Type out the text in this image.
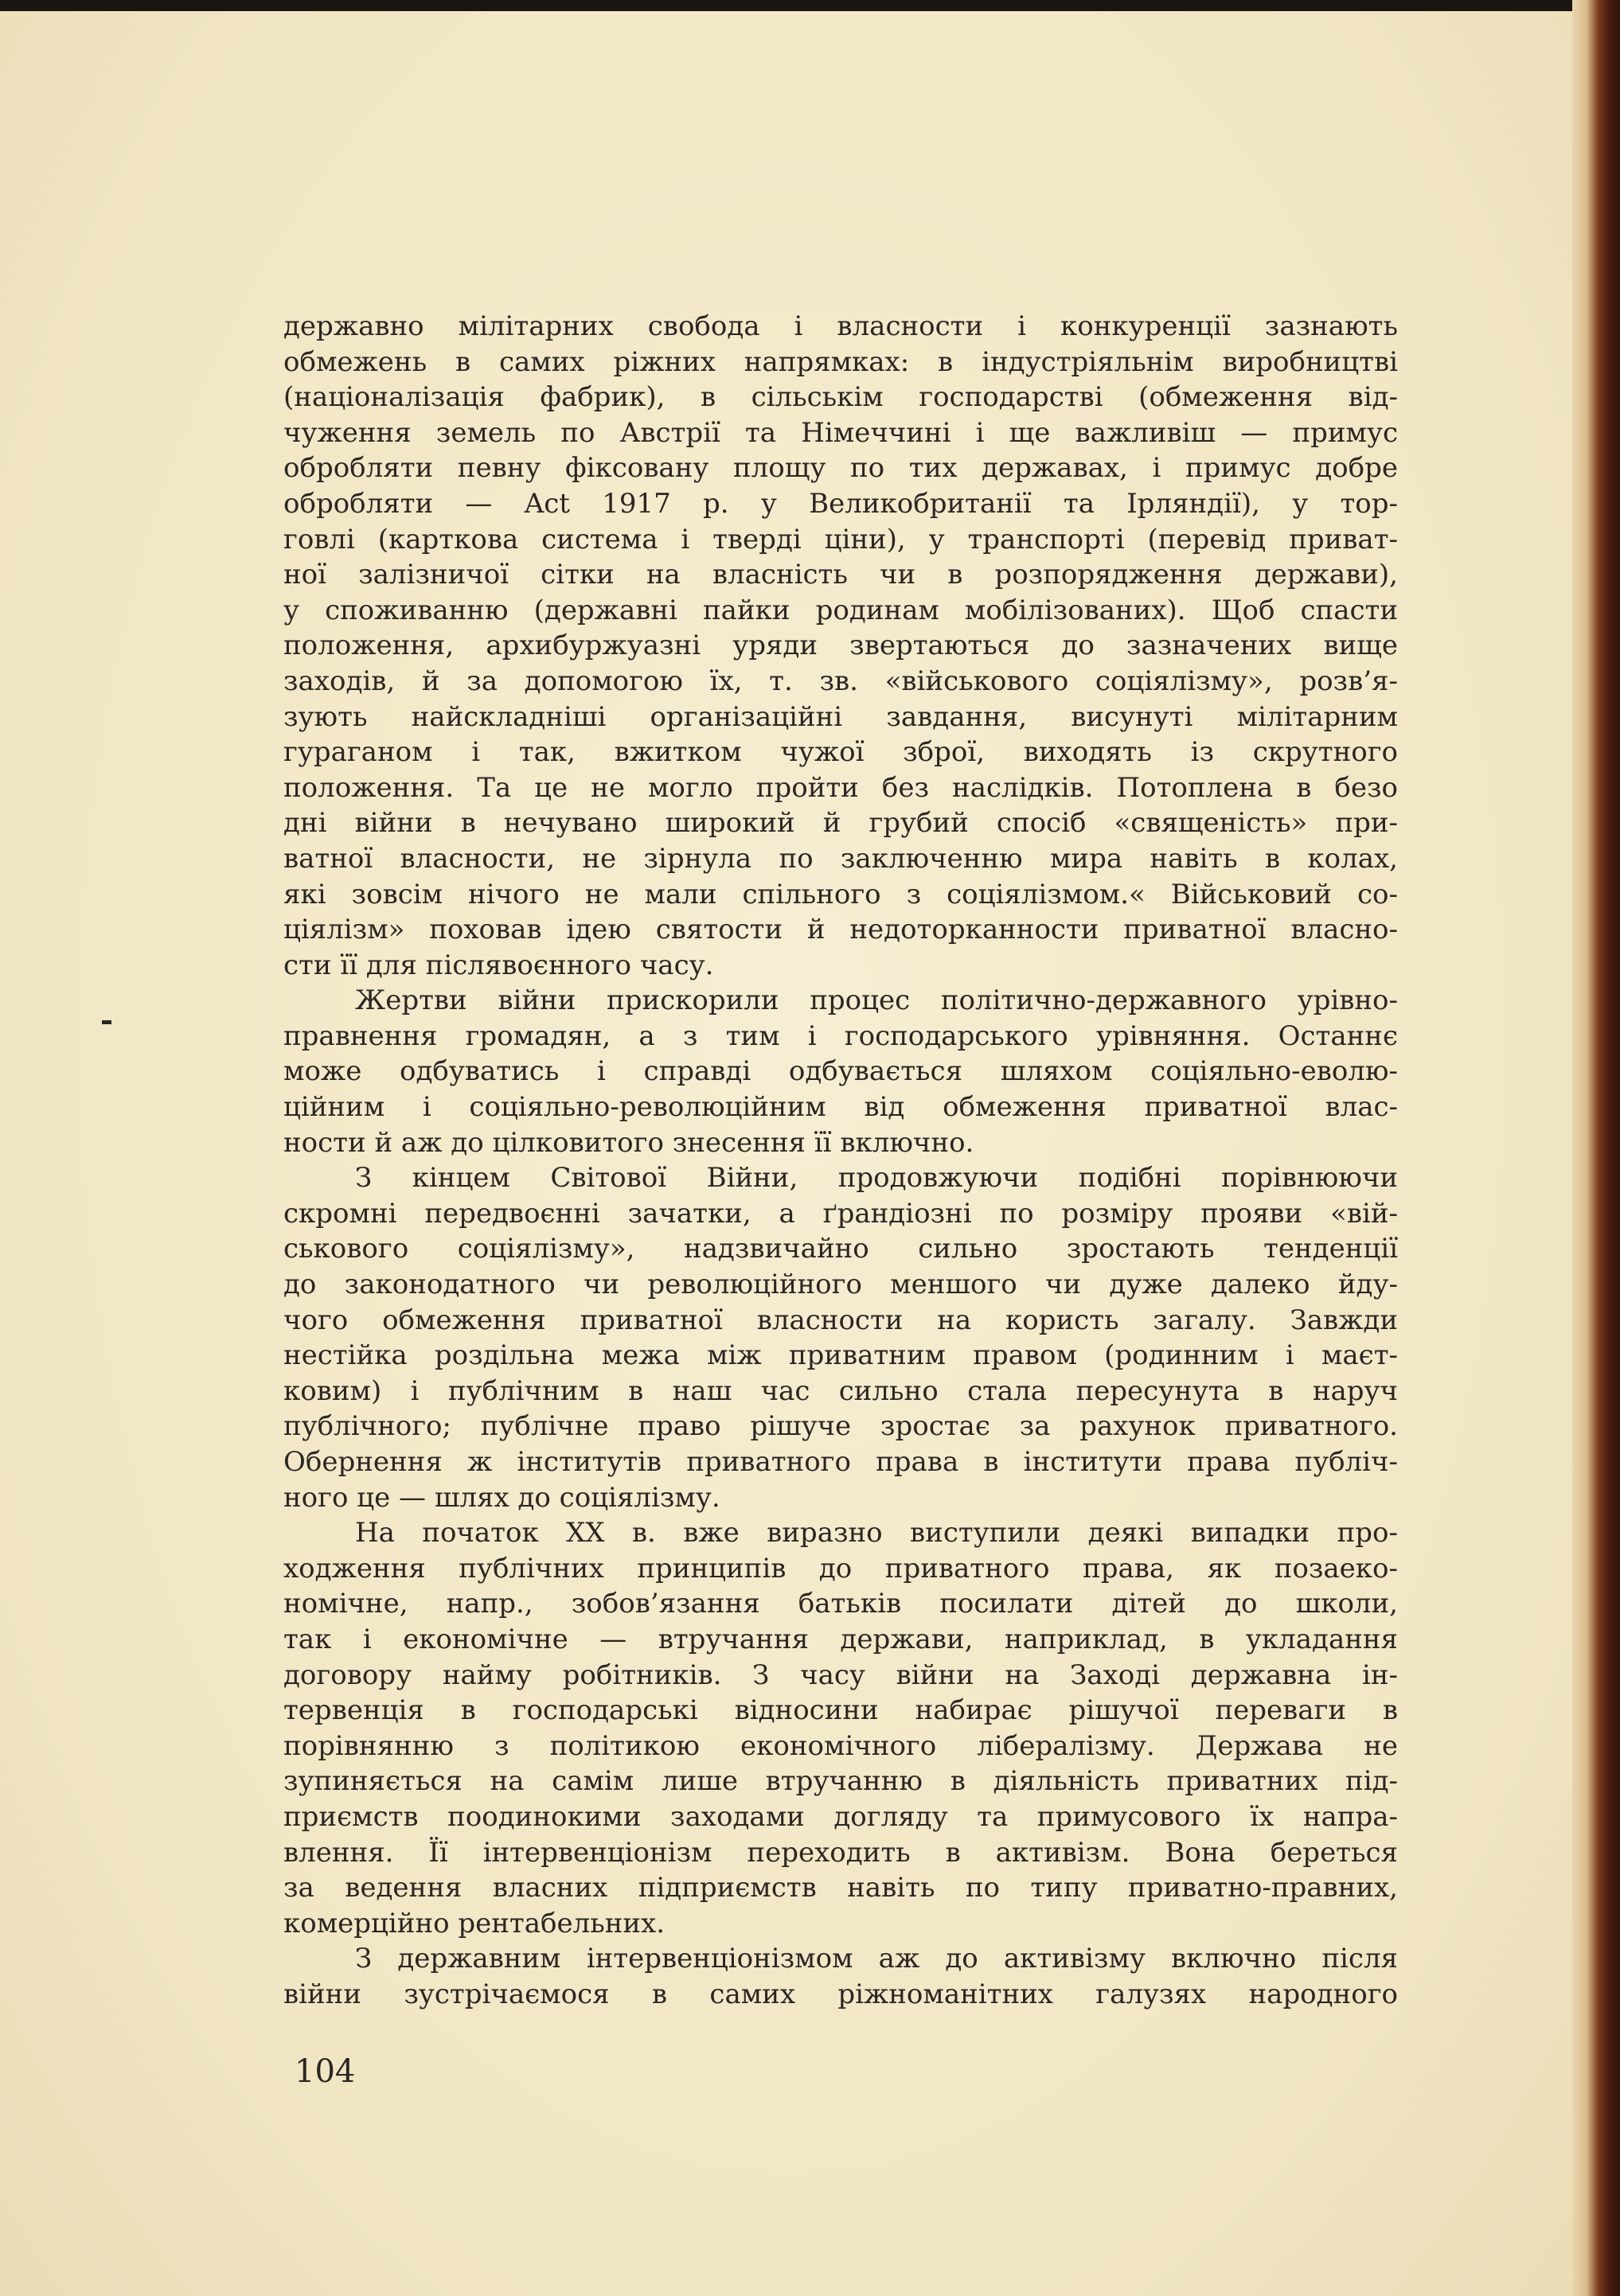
державно мілітарних свобода і власности і конкуренції зазнають
обмежень в самих ріжних напрямках: в індустріяльнім виробництві
(націоналізація фабрик), в сільськім господарстві (обмеження від-
чуження земель по Австрії та Німеччині і ще важливіш — примус
обробляти певну фіксовану площу по тих державах, і примус добре
обробляти — Act 1917 р. у Великобританії та Ірляндії), у тор-
говлі (карткова система і тверді ціни), у транспорті (перевід приват-
ної залізничої сітки на власність чи в розпорядження держави),
у споживанню (державні пайки родинам мобілізованих). Щоб спасти
положення, архибуржуазні уряди звертаються до зазначених вище
заходів, й за допомогою їх, т. зв. «військового соціялізму», розв’я-
зують найскладніші організаційні завдання, висунуті мілітарним
гураганом і так, вжитком чужої зброї, виходять із скрутного
положення. Та це не могло пройти без наслідків. Потоплена в безо
дні війни в нечувано широкий й грубий спосіб «священість» при-
ватної власности, не зірнула по заключенню мира навіть в колах,
які зовсім нічого не мали спільного з соціялізмом.« Військовий со-
ціялізм» поховав ідею святости й недоторканности приватної власно-
сти її для післявоєнного часу.
Жертви війни прискорили процес політично-державного урівно-
правнення громадян, а з тим і господарського урівняння. Останнє
може одбуватись і справді одбувається шляхом соціяльно-еволю-
ційним і соціяльно-революційним від обмеження приватної влас-
ности й аж до цілковитого знесення її включно.
З кінцем Світової Війни, продовжуючи подібні порівнюючи
скромні передвоєнні зачатки, а ґрандіозні по розміру прояви «вій-
ськового соціялізму», надзвичайно сильно зростають тенденції
до законодатного чи революційного меншого чи дуже далеко йду-
чого обмеження приватної власности на користь загалу. Завжди
нестійка роздільна межа між приватним правом (родинним і маєт-
ковим) і публічним в наш час сильно стала пересунута в наруч
публічного; публічне право рішуче зростає за рахунок приватного.
Обернення ж інститутів приватного права в інститути права публіч-
ного це — шлях до соціялізму.
На початок XX в. вже виразно виступили деякі випадки про-
ходження публічних принципів до приватного права, як позаеко-
номічне, напр., зобов’язання батьків посилати дітей до школи,
так і економічне — втручання держави, наприклад, в укладання
договору найму робітників. З часу війни на Заході державна ін-
тервенція в господарські відносини набирає рішучої переваги в
порівнянню з політикою економічного лібералізму. Держава не
зупиняється на самім лише втручанню в діяльність приватних під-
приємств поодинокими заходами догляду та примусового їх напра-
влення. Її інтервенціонізм переходить в активізм. Вона береться
за ведення власних підприємств навіть по типу приватно-правних,
комерційно рентабельних.
З державним інтервенціонізмом аж до активізму включно після
війни зустрічаємося в самих ріжноманітних галузях народного
104
